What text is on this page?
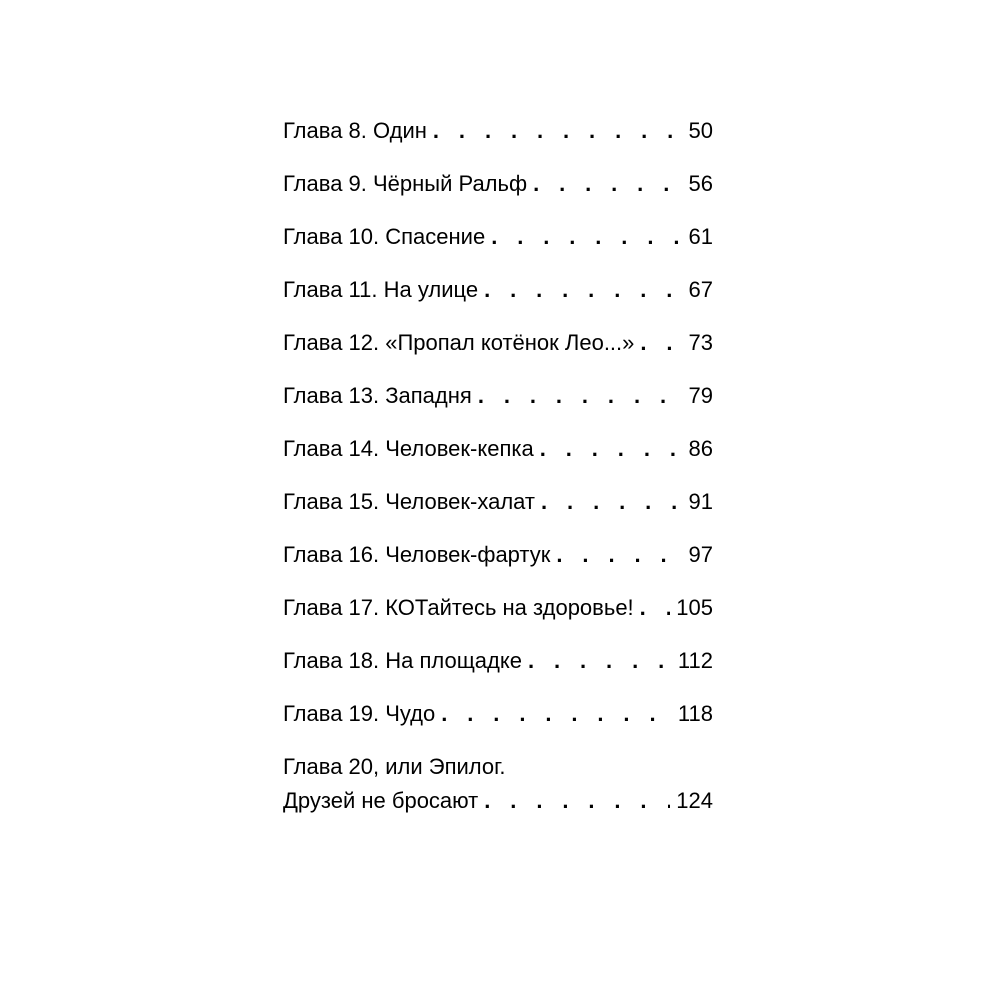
Глава 8. Один . . .	50
Глава 9. Чёрный Ральф . . .	56
Глава 10. Спасение . . .	61
Глава 11. На улице . . .	67
Глава 12. «Пропал котёнок Лео...» . . . 73
Глава 13. Западня . . .	79
Глава 14. Человек-кепка . . .	86
Глава 15. Человек-халат . . .	91
Глава 16. Человек-фартук . . .	97
Глава 17. КОТайтесь на здоровье! . . . 105
Глава 18. На площадке . . .	112
Глава 19. Чудо . . .	118
Глава 20, или Эпилог.
Друзей не бросают . . .	124
